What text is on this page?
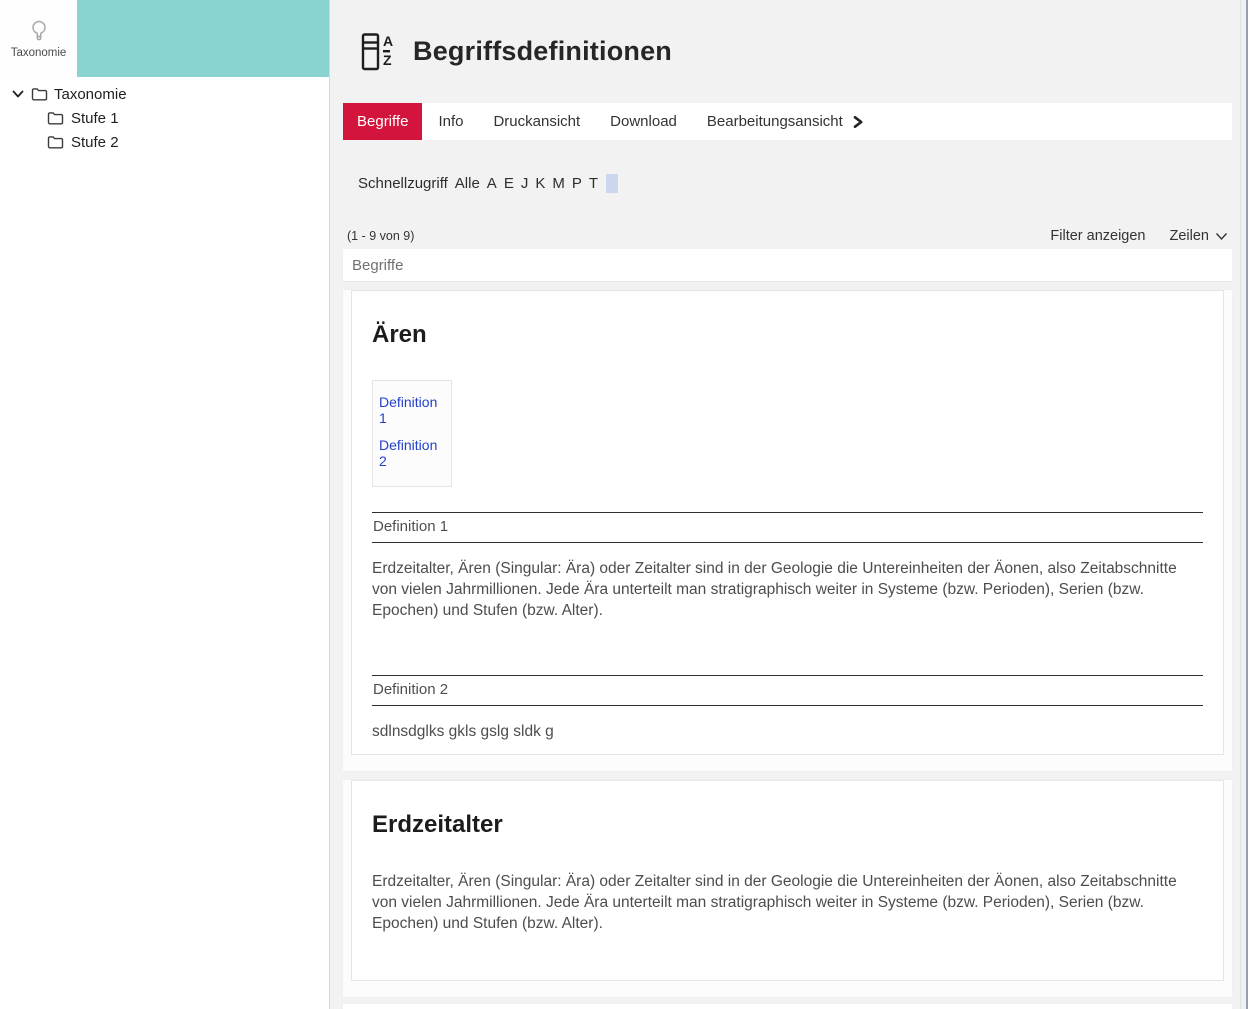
Taxonomie
Taxonomie
Stufe 1
Stufe 2
A
Z Begriffsdefinitionen
Begriffe Info Druckansicht Download Bearbeitungsansicht
Schnellzugriff Alle A E J K M P T
(1 - 9 von 9)	Filter anzeigen Zeilen
Begriffe
Ären
Definition 1
Definition 2
Definition 1

Erdzeitalter, Ären (Singular: Ära) oder Zeitalter sind in der Geologie die Untereinheiten der Äonen, also Zeitabschnitte von vielen Jahrmillionen. Jede Ära unterteilt man stratigraphisch weiter in Systeme (bzw. Perioden), Serien (bzw. Epochen) und Stufen (bzw. Alter).

Definition 2

sdlnsdglks gkls gslg sldk g

Erdzeitalter

Erdzeitalter, Ären (Singular: Ära) oder Zeitalter sind in der Geologie die Untereinheiten der Äonen, also Zeitabschnitte von vielen Jahrmillionen. Jede Ära unterteilt man stratigraphisch weiter in Systeme (bzw. Perioden), Serien (bzw. Epochen) und Stufen (bzw. Alter).
